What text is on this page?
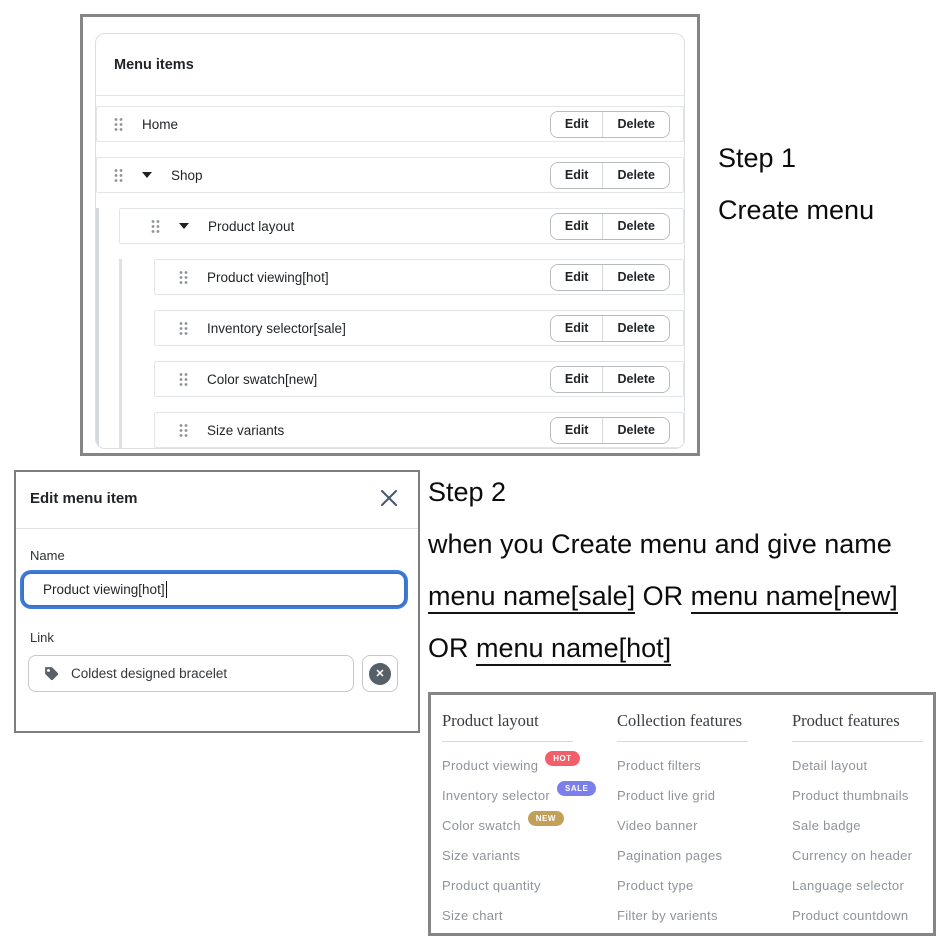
Menu items
Home	Edit	Delete
Shop	Edit	Delete
Product layout	Edit	Delete
Product viewing[hot]	Edit	Delete
Inventory selector[sale]	Edit	Delete
Color swatch[new]	Edit	Delete
Size variants	Edit	Delete
Step 1
Create menu
Edit menu item
Name
Product viewing[hot]
Link
Coldest designed bracelet	✕
Step 2
when you Create menu and give name
menu name[sale] OR menu name[new]
OR menu name[hot]
Product layout
Product viewing	HOT
Inventory selector	SALE
Color swatch	NEW
Size variants
Product quantity
Size chart
Collection features
Product filters
Product live grid
Video banner
Pagination pages
Product type
Filter by varients
Product features
Detail layout
Product thumbnails
Sale badge
Currency on header
Language selector
Product countdown
